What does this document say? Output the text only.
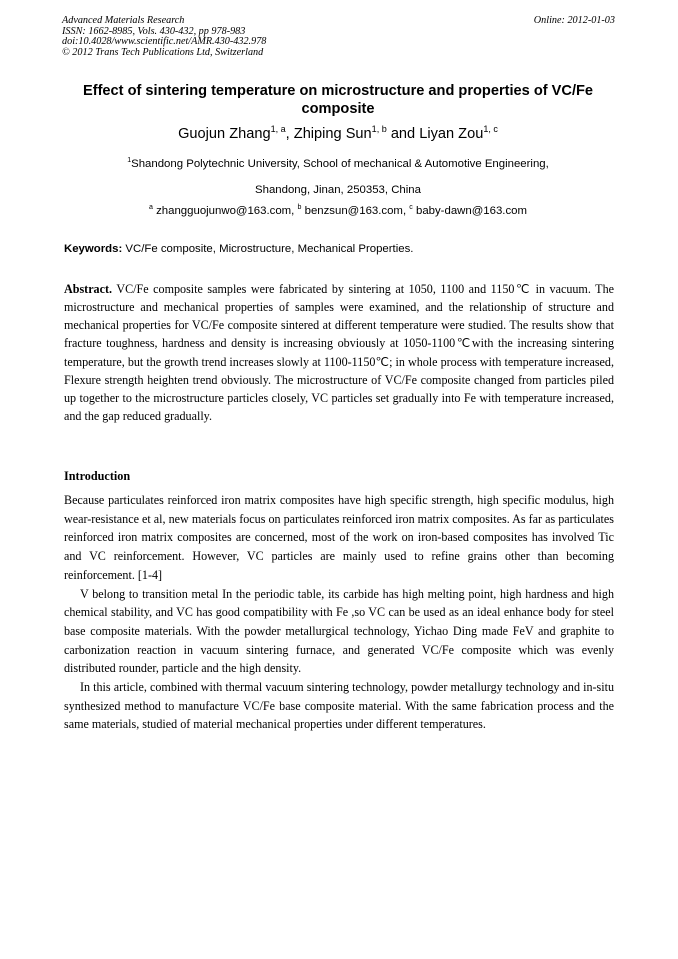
Advanced Materials Research
ISSN: 1662-8985, Vols. 430-432, pp 978-983
doi:10.4028/www.scientific.net/AMR.430-432.978
© 2012 Trans Tech Publications Ltd, Switzerland
Online: 2012-01-03
Effect of sintering temperature on microstructure and properties of VC/Fe composite
Guojun Zhang$^{1, a}$, Zhiping Sun$^{1, b}$ and Liyan Zou$^{1, c}$
$^1$Shandong Polytechnic University, School of mechanical & Automotive Engineering,
Shandong, Jinan, 250353, China
$^a$ zhangguojunwo@163.com, $^b$ benzsun@163.com, $^c$ baby-dawn@163.com
Keywords: VC/Fe composite, Microstructure, Mechanical Properties.
Abstract. VC/Fe composite samples were fabricated by sintering at 1050, 1100 and 1150℃ in vacuum. The microstructure and mechanical properties of samples were examined, and the relationship of structure and mechanical properties for VC/Fe composite sintered at different temperature were studied. The results show that fracture toughness, hardness and density is increasing obviously at 1050-1100℃with the increasing sintering temperature, but the growth trend increases slowly at 1100-1150℃; in whole process with temperature increased, Flexure strength heighten trend obviously. The microstructure of VC/Fe composite changed from particles piled up together to the microstructure particles closely, VC particles set gradually into Fe with temperature increased, and the gap reduced gradually.
Introduction

Because particulates reinforced iron matrix composites have high specific strength, high specific modulus, high wear-resistance et al, new materials focus on particulates reinforced iron matrix composites. As far as particulates reinforced iron matrix composites are concerned, most of the work on iron-based composites has involved Tic and VC reinforcement. However, VC particles are mainly used to refine grains other than becoming reinforcement. [1-4]

V belong to transition metal In the periodic table, its carbide has high melting point, high hardness and high chemical stability, and VC has good compatibility with Fe ,so VC can be used as an ideal enhance body for steel base composite materials. With the powder metallurgical technology, Yichao Ding made FeV and graphite to carbonization reaction in vacuum sintering furnace, and generated VC/Fe composite which was evenly distributed rounder, particle and the high density.

In this article, combined with thermal vacuum sintering technology, powder metallurgy technology and in-situ synthesized method to manufacture VC/Fe base composite material. With the same fabrication process and the same materials, studied of material mechanical properties under different temperatures.
